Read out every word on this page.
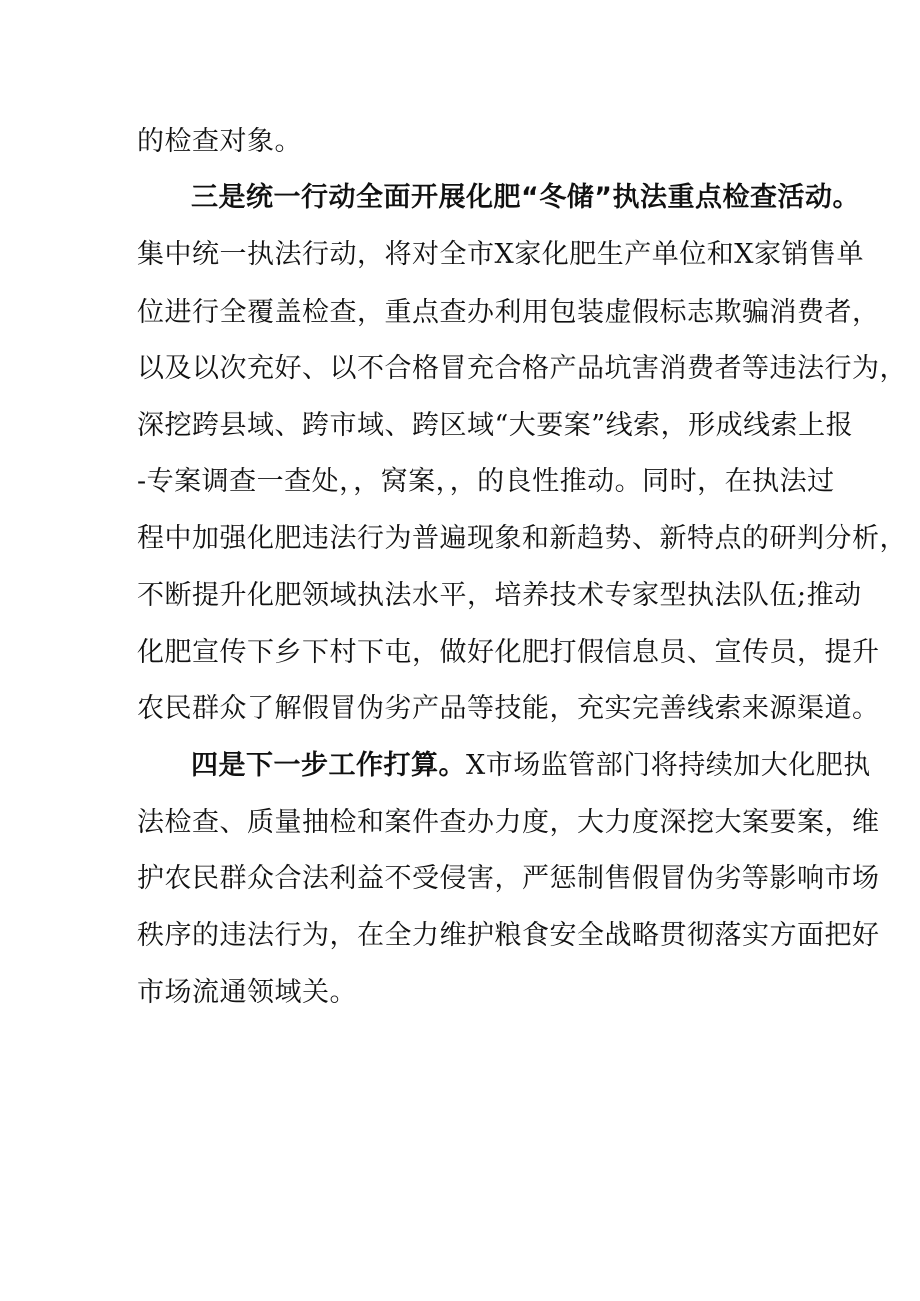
的检查对象。
三是统一行动全面开展化肥“冬储”执法重点检查活动。
集中统一执法行动，将对全市X家化肥生产单位和X家销售单
位进行全覆盖检查，重点查办利用包装虚假标志欺骗消费者，
以及以次充好、以不合格冒充合格产品坑害消费者等违法行为，
深挖跨县域、跨市域、跨区域“大要案”线索，形成线索上报
-专案调查一查处，，窝案，，的良性推动。同时，在执法过
程中加强化肥违法行为普遍现象和新趋势、新特点的研判分析，
不断提升化肥领域执法水平，培养技术专家型执法队伍;推动
化肥宣传下乡下村下屯，做好化肥打假信息员、宣传员，提升
农民群众了解假冒伪劣产品等技能，充实完善线索来源渠道。
四是下一步工作打算。X市场监管部门将持续加大化肥执
法检查、质量抽检和案件查办力度，大力度深挖大案要案，维
护农民群众合法利益不受侵害，严惩制售假冒伪劣等影响市场
秩序的违法行为，在全力维护粮食安全战略贯彻落实方面把好
市场流通领域关。
